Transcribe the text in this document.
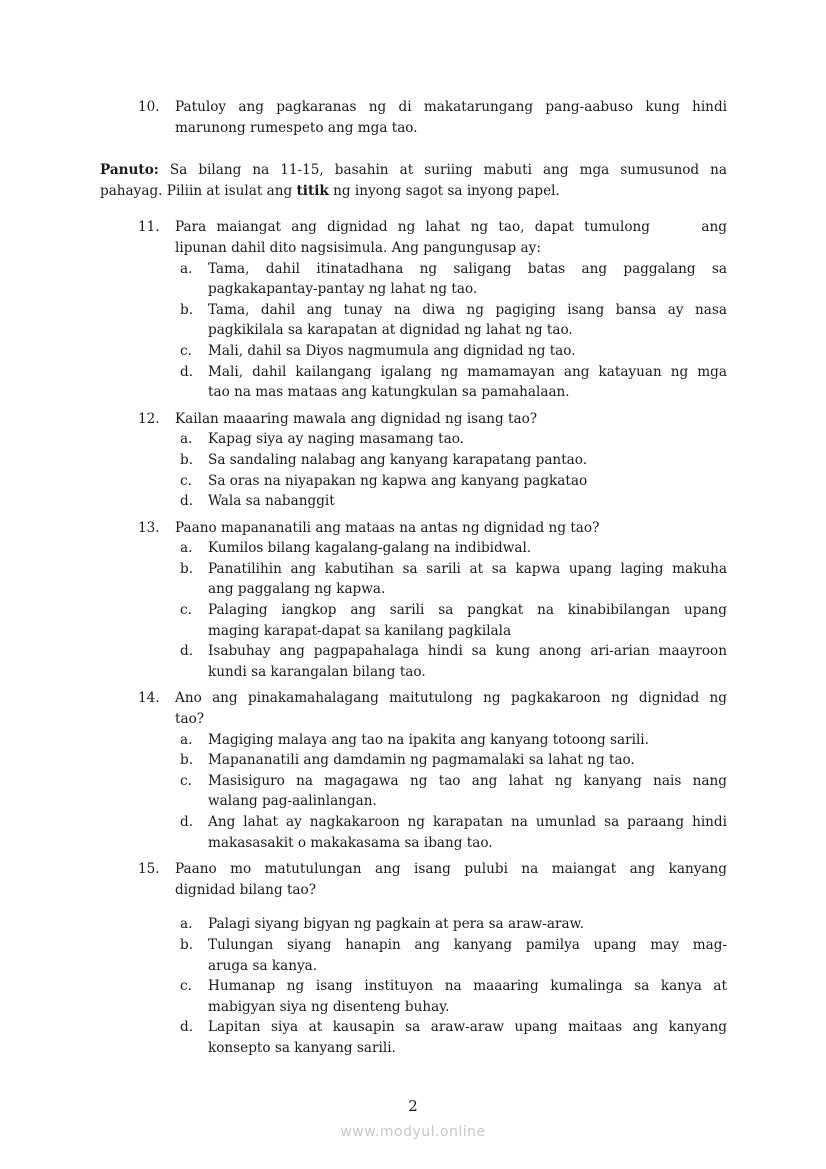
10. Patuloy ang pagkaranas ng di makatarungang pang-aabuso kung hindi
marunong rumespeto ang mga tao.
Panuto: Sa bilang na 11-15, basahin at suriing mabuti ang mga sumusunod na
pahayag. Piliin at isulat ang titik ng inyong sagot sa inyong papel.
11. Para maiangat ang dignidad ng lahat ng tao, dapat tumulong     ang
lipunan dahil dito nagsisimula. Ang pangungusap ay:
a. Tama, dahil itinatadhana ng saligang batas ang paggalang sa
pagkakapantay-pantay ng lahat ng tao.
b. Tama, dahil ang tunay na diwa ng pagiging isang bansa ay nasa
pagkikilala sa karapatan at dignidad ng lahat ng tao.
c. Mali, dahil sa Diyos nagmumula ang dignidad ng tao.
d. Mali, dahil kailangang igalang ng mamamayan ang katayuan ng mga
tao na mas mataas ang katungkulan sa pamahalaan.
12. Kailan maaaring mawala ang dignidad ng isang tao?
a. Kapag siya ay naging masamang tao.
b. Sa sandaling nalabag ang kanyang karapatang pantao.
c. Sa oras na niyapakan ng kapwa ang kanyang pagkatao
d. Wala sa nabanggit
13. Paano mapananatili ang mataas na antas ng dignidad ng tao?
a. Kumilos bilang kagalang-galang na indibidwal.
b. Panatilihin ang kabutihan sa sarili at sa kapwa upang laging makuha
ang paggalang ng kapwa.
c. Palaging iangkop ang sarili sa pangkat na kinabibilangan upang
maging karapat-dapat sa kanilang pagkilala
d. Isabuhay ang pagpapahalaga hindi sa kung anong ari-arian maayroon
kundi sa karangalan bilang tao.
14. Ano ang pinakamahalagang maitutulong ng pagkakaroon ng dignidad ng
tao?
a. Magiging malaya ang tao na ipakita ang kanyang totoong sarili.
b. Mapananatili ang damdamin ng pagmamalaki sa lahat ng tao.
c. Masisiguro na magagawa ng tao ang lahat ng kanyang nais nang
walang pag-aalinlangan.
d. Ang lahat ay nagkakaroon ng karapatan na umunlad sa paraang hindi
makasasakit o makakasama sa ibang tao.
15. Paano mo matutulungan ang isang pulubi na maiangat ang kanyang
dignidad bilang tao?
a. Palagi siyang bigyan ng pagkain at pera sa araw-araw.
b. Tulungan siyang hanapin ang kanyang pamilya upang may mag-
aruga sa kanya.
c. Humanap ng isang instituyon na maaaring kumalinga sa kanya at
mabigyan siya ng disenteng buhay.
d. Lapitan siya at kausapin sa araw-araw upang maitaas ang kanyang
konsepto sa kanyang sarili.
2
www.modyul.online
